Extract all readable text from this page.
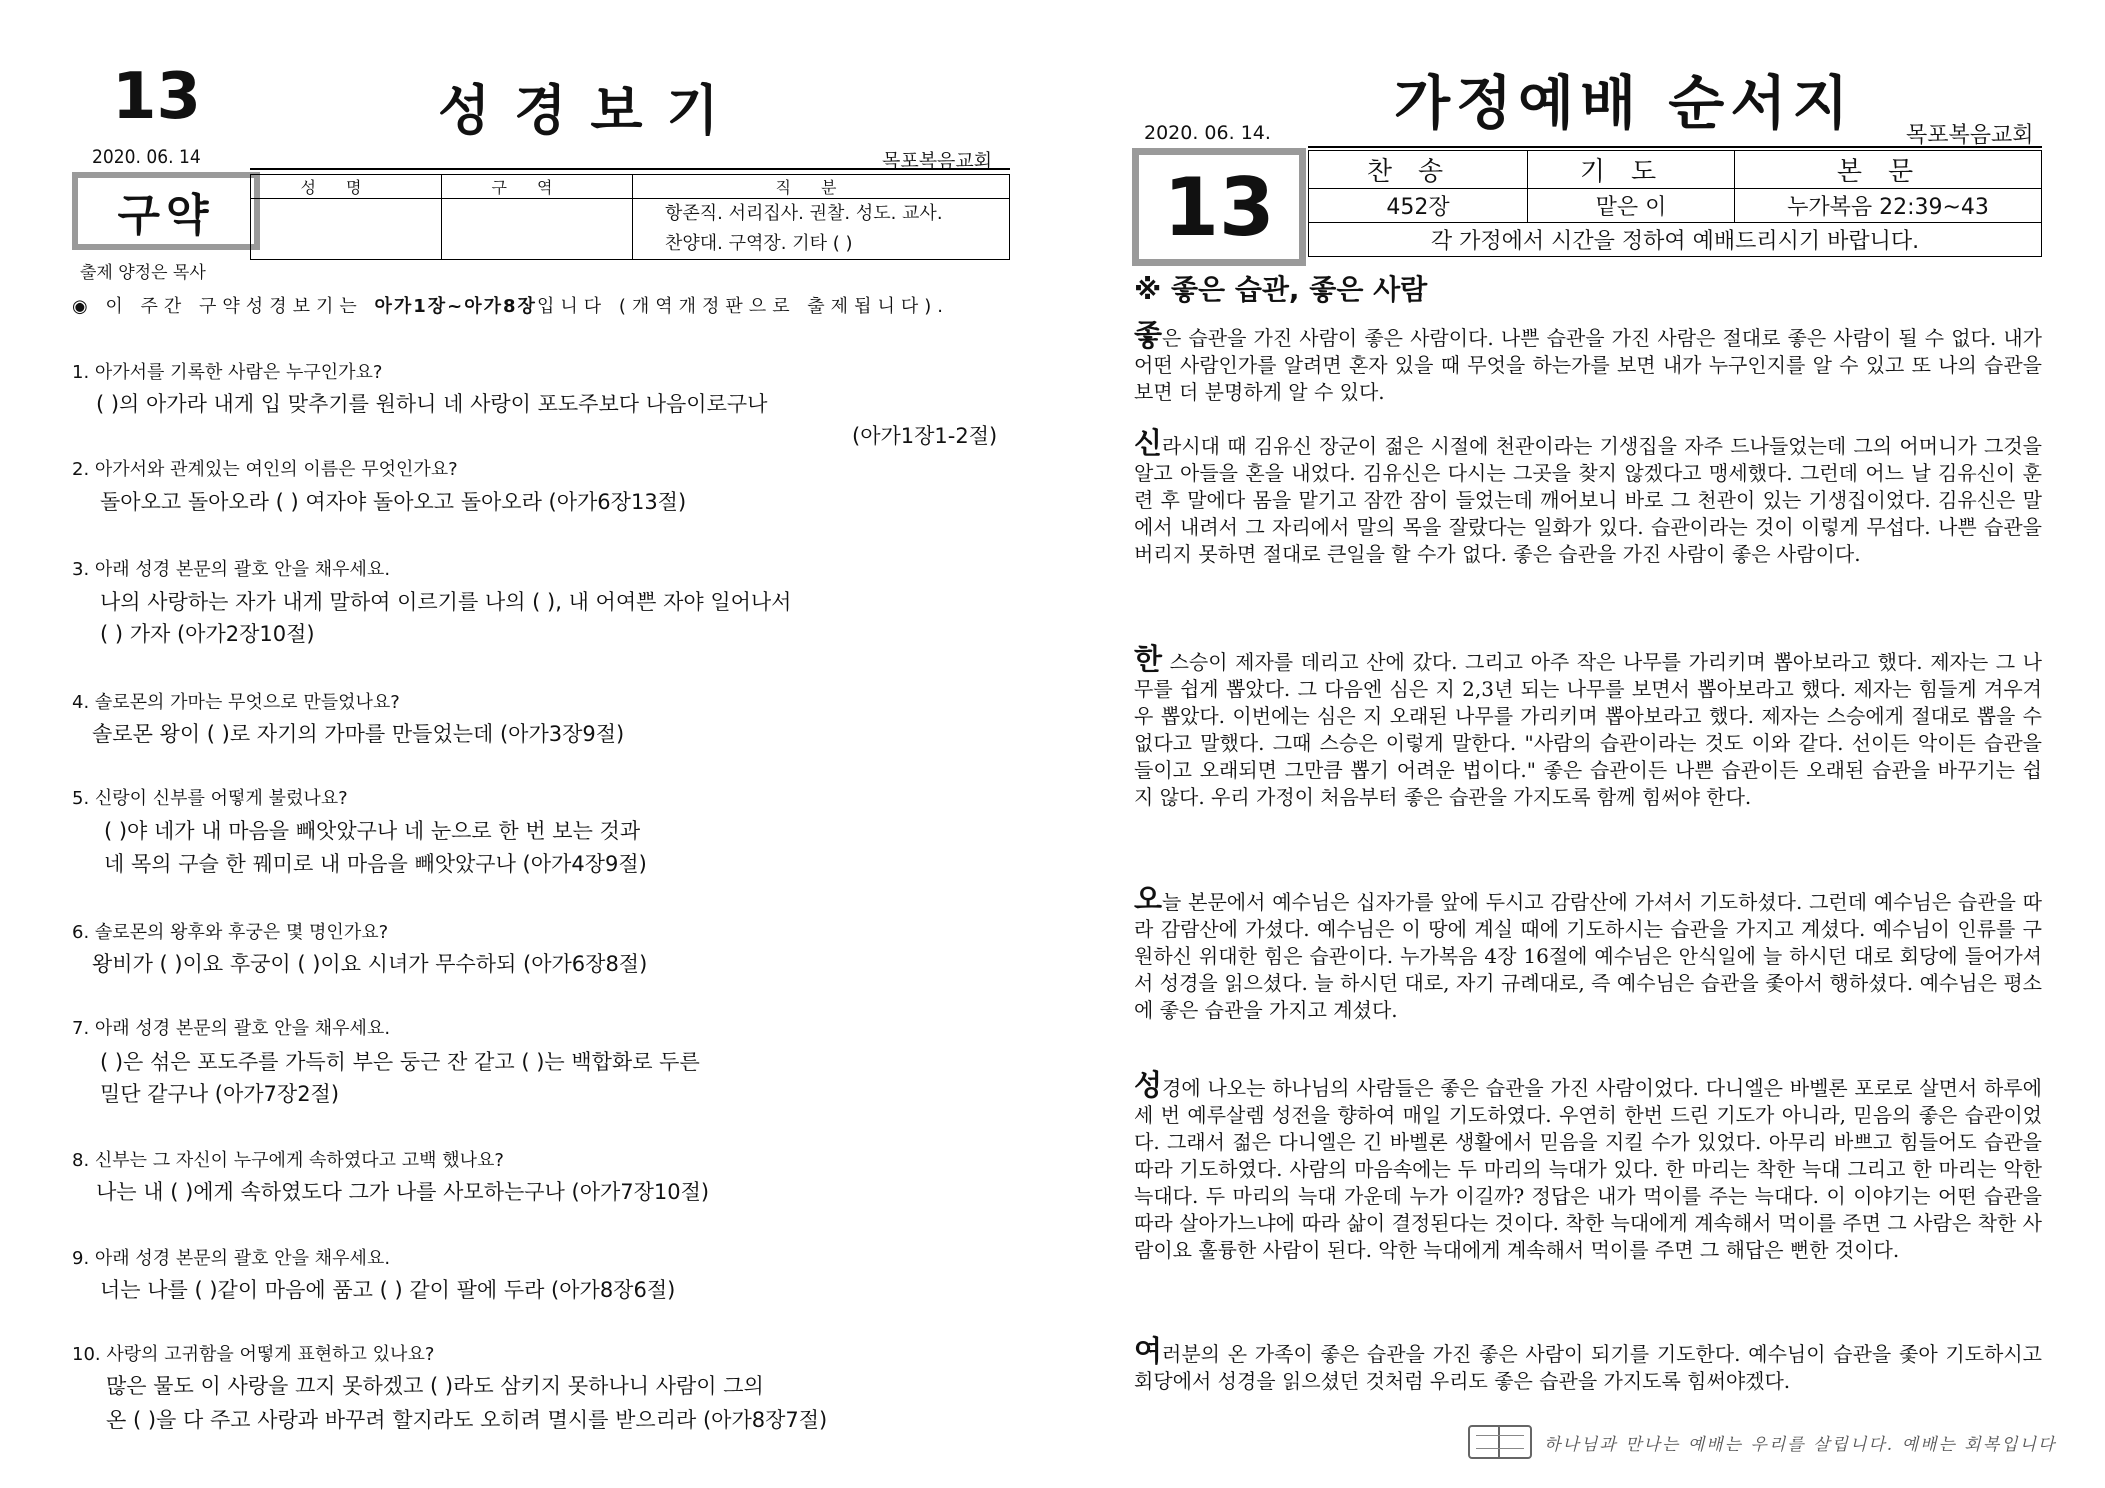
13	성경보기
2020. 06. 14	목포복음교회
구약
출제 양정은 목사
성명	구역	직분

		항존직. 서리집사. 권찰. 성도. 교사.
찬양대. 구역장. 기타 ( )
◉ 이 주간 구약성경보기는 아가1장~아가8장입니다 (개역개정판으로 출제됩니다).
1. 아가서를 기록한 사람은 누구인가요?
( )의 아가라 내게 입 맞추기를 원하니 네 사랑이 포도주보다 나음이로구나
(아가1장1-2절)
2. 아가서와 관계있는 여인의 이름은 무엇인가요?
돌아오고 돌아오라 ( ) 여자야 돌아오고 돌아오라 (아가6장13절)
3. 아래 성경 본문의 괄호 안을 채우세요.
나의 사랑하는 자가 내게 말하여 이르기를 나의 ( ), 내 어여쁜 자야 일어나서
( ) 가자 (아가2장10절)
4. 솔로몬의 가마는 무엇으로 만들었나요?
솔로몬 왕이 ( )로 자기의 가마를 만들었는데 (아가3장9절)
5. 신랑이 신부를 어떻게 불렀나요?
( )야 네가 내 마음을 빼앗았구나 네 눈으로 한 번 보는 것과
네 목의 구슬 한 꿰미로 내 마음을 빼앗았구나 (아가4장9절)
6. 솔로몬의 왕후와 후궁은 몇 명인가요?
왕비가 ( )이요 후궁이 ( )이요 시녀가 무수하되 (아가6장8절)
7. 아래 성경 본문의 괄호 안을 채우세요.
( )은 섞은 포도주를 가득히 부은 둥근 잔 같고 ( )는 백합화로 두른
밀단 같구나 (아가7장2절)
8. 신부는 그 자신이 누구에게 속하였다고 고백 했나요?
나는 내 ( )에게 속하였도다 그가 나를 사모하는구나 (아가7장10절)
9. 아래 성경 본문의 괄호 안을 채우세요.
너는 나를 ( )같이 마음에 품고 ( ) 같이 팔에 두라 (아가8장6절)
10. 사랑의 고귀함을 어떻게 표현하고 있나요?
많은 물도 이 사랑을 끄지 못하겠고 ( )라도 삼키지 못하나니 사람이 그의
온 ( )을 다 주고 사랑과 바꾸려 할지라도 오히려 멸시를 받으리라 (아가8장7절)
가정예배 순서지
2020. 06. 14.	목포복음교회
13	찬송	기도	본문
452장	맡은 이	누가복음 22:39~43
각 가정에서 시간을 정하여 예배드리시기 바랍니다.		
※ 좋은 습관, 좋은 사람

좋은 습관을 가진 사람이 좋은 사람이다. 나쁜 습관을 가진 사람은 절대로 좋은 사람이 될 수 없다. 내가 어떤 사람인가를 알려면 혼자 있을 때 무엇을 하는가를 보면 내가 누구인지를 알 수 있고 또 나의 습관을 보면 더 분명하게 알 수 있다.

신라시대 때 김유신 장군이 젊은 시절에 천관이라는 기생집을 자주 드나들었는데 그의 어머니가 그것을 알고 아들을 혼을 내었다. 김유신은 다시는 그곳을 찾지 않겠다고 맹세했다. 그런데 어느 날 김유신이 훈련 후 말에다 몸을 맡기고 잠깐 잠이 들었는데 깨어보니 바로 그 천관이 있는 기생집이었다. 김유신은 말에서 내려서 그 자리에서 말의 목을 잘랐다는 일화가 있다. 습관이라는 것이 이렇게 무섭다. 나쁜 습관을 버리지 못하면 절대로 큰일을 할 수가 없다. 좋은 습관을 가진 사람이 좋은 사람이다.

한 스승이 제자를 데리고 산에 갔다. 그리고 아주 작은 나무를 가리키며 뽑아보라고 했다. 제자는 그 나무를 쉽게 뽑았다. 그 다음엔 심은 지 2,3년 되는 나무를 보면서 뽑아보라고 했다. 제자는 힘들게 겨우겨우 뽑았다. 이번에는 심은 지 오래된 나무를 가리키며 뽑아보라고 했다. 제자는 스승에게 절대로 뽑을 수 없다고 말했다. 그때 스승은 이렇게 말한다. "사람의 습관이라는 것도 이와 같다. 선이든 악이든 습관을 들이고 오래되면 그만큼 뽑기 어려운 법이다." 좋은 습관이든 나쁜 습관이든 오래된 습관을 바꾸기는 쉽지 않다. 우리 가정이 처음부터 좋은 습관을 가지도록 함께 힘써야 한다.

오늘 본문에서 예수님은 십자가를 앞에 두시고 감람산에 가셔서 기도하셨다. 그런데 예수님은 습관을 따라 감람산에 가셨다. 예수님은 이 땅에 계실 때에 기도하시는 습관을 가지고 계셨다. 예수님이 인류를 구원하신 위대한 힘은 습관이다. 누가복음 4장 16절에 예수님은 안식일에 늘 하시던 대로 회당에 들어가셔서 성경을 읽으셨다. 늘 하시던 대로, 자기 규례대로, 즉 예수님은 습관을 좇아서 행하셨다. 예수님은 평소에 좋은 습관을 가지고 계셨다.

성경에 나오는 하나님의 사람들은 좋은 습관을 가진 사람이었다. 다니엘은 바벨론 포로로 살면서 하루에 세 번 예루살렘 성전을 향하여 매일 기도하였다. 우연히 한번 드린 기도가 아니라, 믿음의 좋은 습관이었다. 그래서 젊은 다니엘은 긴 바벨론 생활에서 믿음을 지킬 수가 있었다. 아무리 바쁘고 힘들어도 습관을 따라 기도하였다. 사람의 마음속에는 두 마리의 늑대가 있다. 한 마리는 착한 늑대 그리고 한 마리는 악한 늑대다. 두 마리의 늑대 가운데 누가 이길까? 정답은 내가 먹이를 주는 늑대다. 이 이야기는 어떤 습관을 따라 살아가느냐에 따라 삶이 결정된다는 것이다. 착한 늑대에게 계속해서 먹이를 주면 그 사람은 착한 사람이요 훌륭한 사람이 된다. 악한 늑대에게 계속해서 먹이를 주면 그 해답은 뻔한 것이다.

여러분의 온 가족이 좋은 습관을 가진 좋은 사람이 되기를 기도한다. 예수님이 습관을 좇아 기도하시고 회당에서 성경을 읽으셨던 것처럼 우리도 좋은 습관을 가지도록 힘써야겠다.

하나님과 만나는 예배는 우리를 살립니다. 예배는 회복입니다
